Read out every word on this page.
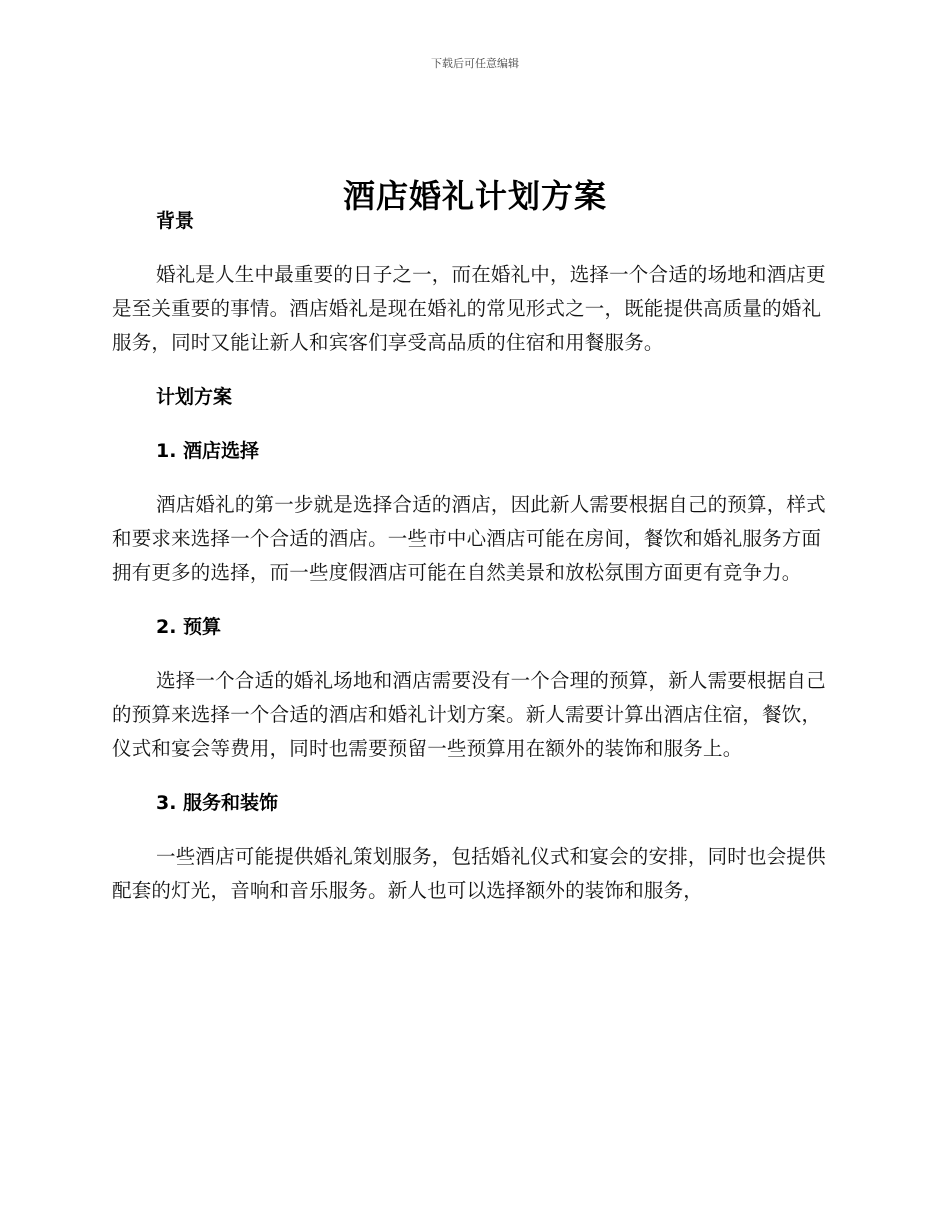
下载后可任意编辑
酒店婚礼计划方案

背景

婚礼是人生中最重要的日子之一，而在婚礼中，选择一个合适的场地和酒店更是至关重要的事情。酒店婚礼是现在婚礼的常见形式之一，既能提供高质量的婚礼服务，同时又能让新人和宾客们享受高品质的住宿和用餐服务。

计划方案

1. 酒店选择

酒店婚礼的第一步就是选择合适的酒店，因此新人需要根据自己的预算，样式和要求来选择一个合适的酒店。一些市中心酒店可能在房间，餐饮和婚礼服务方面拥有更多的选择，而一些度假酒店可能在自然美景和放松氛围方面更有竞争力。

2. 预算

选择一个合适的婚礼场地和酒店需要没有一个合理的预算，新人需要根据自己的预算来选择一个合适的酒店和婚礼计划方案。新人需要计算出酒店住宿，餐饮，仪式和宴会等费用，同时也需要预留一些预算用在额外的装饰和服务上。

3. 服务和装饰

一些酒店可能提供婚礼策划服务，包括婚礼仪式和宴会的安排，同时也会提供配套的灯光，音响和音乐服务。新人也可以选择额外的装饰和服务，
